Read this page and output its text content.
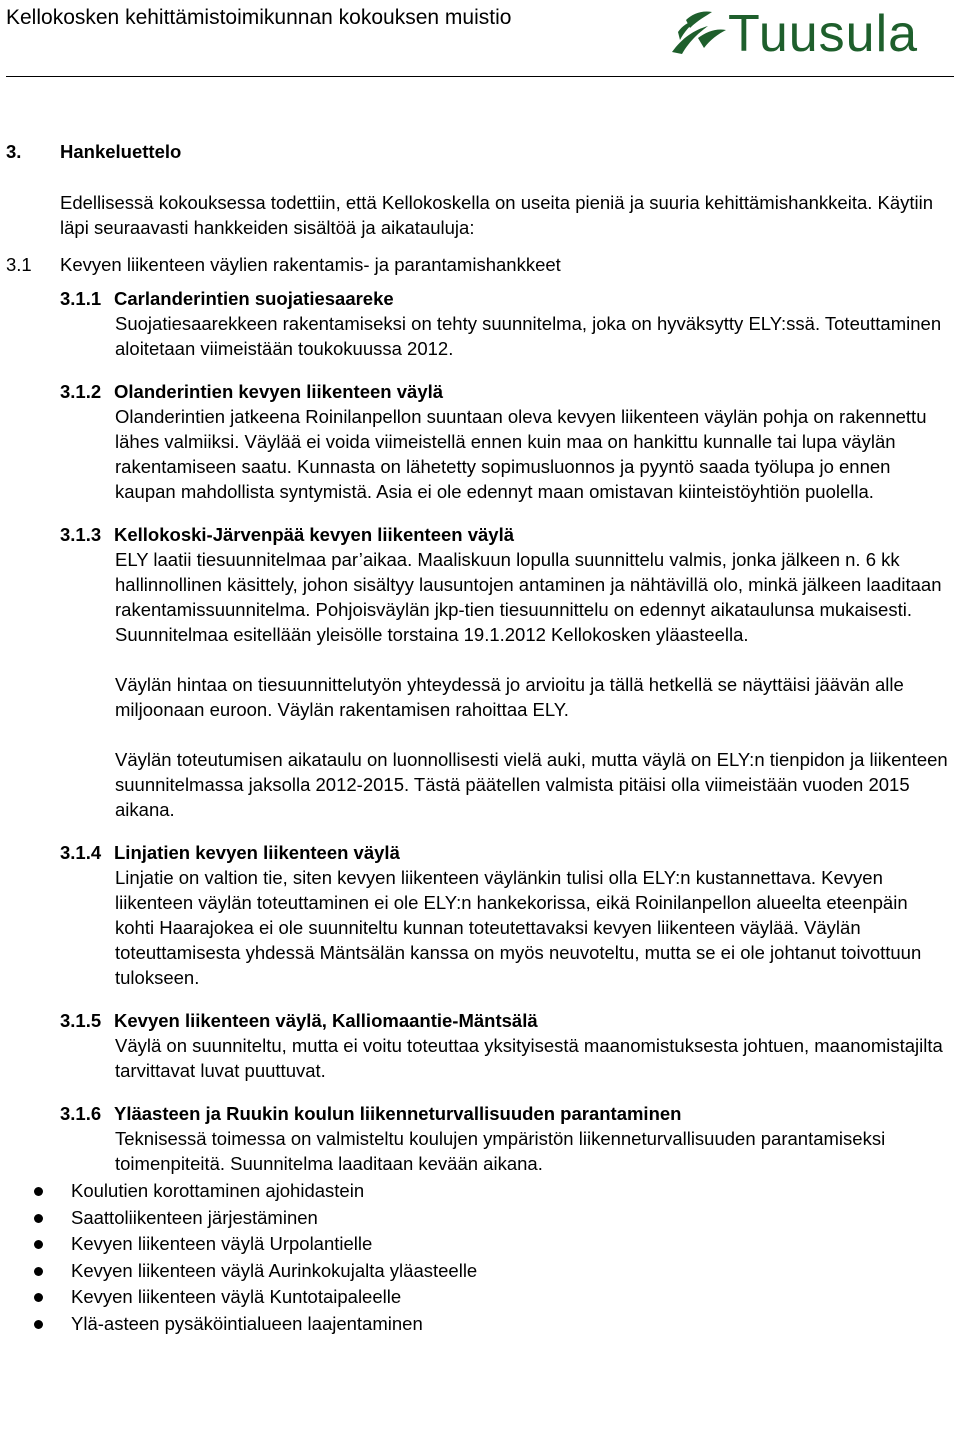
Kellokosken kehittämistoimikunnan kokouksen muistio	Tuusula
3. Hankeluettelo
Edellisessä kokouksessa todettiin, että Kellokoskella on useita pieniä ja suuria kehittämishankkeita. Käytiin läpi seuraavasti hankkeiden sisältöä ja aikatauluja:
3.1 Kevyen liikenteen väylien rakentamis- ja parantamishankkeet
3.1.1 Carlanderintien suojatiesaareke

Suojatiesaarekkeen rakentamiseksi on tehty suunnitelma, joka on hyväksytty ELY:ssä. Toteuttaminen aloitetaan viimeistään toukokuussa 2012.

3.1.2 Olanderintien kevyen liikenteen väylä

Olanderintien jatkeena Roinilanpellon suuntaan oleva kevyen liikenteen väylän pohja on rakennettu lähes valmiiksi. Väylää ei voida viimeistellä ennen kuin maa on hankittu kunnalle tai lupa väylän rakentamiseen saatu. Kunnasta on lähetetty sopimusluonnos ja pyyntö saada työlupa jo ennen kaupan mahdollista syntymistä. Asia ei ole edennyt maan omistavan kiinteistöyhtiön puolella.

3.1.3 Kellokoski-Järvenpää kevyen liikenteen väylä

ELY laatii tiesuunnitelmaa par’aikaa. Maaliskuun lopulla suunnittelu valmis, jonka jälkeen n. 6 kk hallinnollinen käsittely, johon sisältyy lausuntojen antaminen ja nähtävillä olo, minkä jälkeen laaditaan rakentamissuunnitelma. Pohjoisväylän jkp-tien tiesuunnittelu on edennyt aikataulunsa mukaisesti. Suunnitelmaa esitellään yleisölle torstaina 19.1.2012 Kellokosken yläasteella.

Väylän hintaa on tiesuunnittelutyön yhteydessä jo arvioitu ja tällä hetkellä se näyttäisi jäävän alle miljoonaan euroon. Väylän rakentamisen rahoittaa ELY.

Väylän toteutumisen aikataulu on luonnollisesti vielä auki, mutta väylä on ELY:n tienpidon ja liikenteen suunnitelmassa jaksolla 2012-2015. Tästä päätellen valmista pitäisi olla viimeistään vuoden 2015 aikana.

3.1.4 Linjatien kevyen liikenteen väylä

Linjatie on valtion tie, siten kevyen liikenteen väylänkin tulisi olla ELY:n kustannettava. Kevyen liikenteen väylän toteuttaminen ei ole ELY:n hankekorissa, eikä Roinilanpellon alueelta eteenpäin kohti Haarajokea ei ole suunniteltu kunnan toteutettavaksi kevyen liikenteen väylää. Väylän toteuttamisesta yhdessä Mäntsälän kanssa on myös neuvoteltu, mutta se ei ole johtanut toivottuun tulokseen.

3.1.5 Kevyen liikenteen väylä, Kalliomaantie-Mäntsälä

Väylä on suunniteltu, mutta ei voitu toteuttaa yksityisestä maanomistuksesta johtuen, maanomistajilta tarvittavat luvat puuttuvat.

3.1.6 Yläasteen ja Ruukin koulun liikenneturvallisuuden parantaminen

Teknisessä toimessa on valmisteltu koulujen ympäristön liikenneturvallisuuden parantamiseksi toimenpiteitä. Suunnitelma laaditaan kevään aikana.

Koulutien korottaminen ajohidastein
Saattoliikenteen järjestäminen
Kevyen liikenteen väylä Urpolantielle
Kevyen liikenteen väylä Aurinkokujalta yläasteelle
Kevyen liikenteen väylä Kuntotaipaleelle
Ylä-asteen pysäköintialueen laajentaminen
